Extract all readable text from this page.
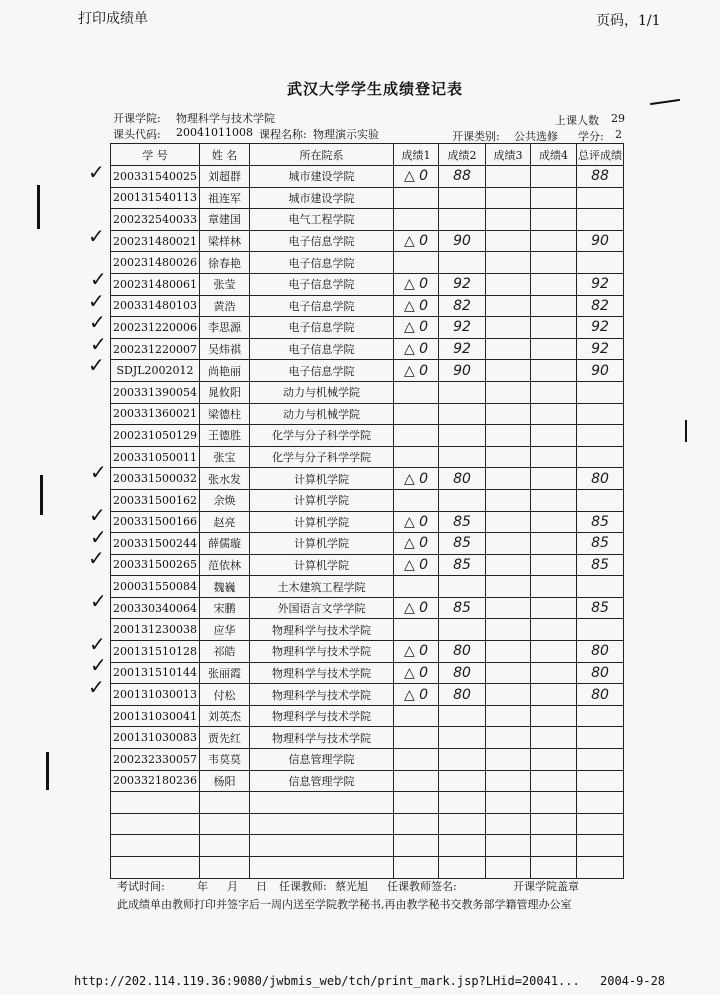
打印成绩单	页码，1/1
武汉大学学生成绩登记表
开课学院: 物理科学与技术学院	上课人数 29
课头代码: 20041011008 课程名称: 物理演示实验	开课类别: 公共选修 学分: 2
学 号	姓 名	所在院系	成绩1	成绩2	成绩3	成绩4	总评成绩
200331540025	刘超群	城市建设学院	△ 0	88			88
200131540113	祖连军	城市建设学院					
200232540033	章建国	电气工程学院					
200231480021	梁样林	电子信息学院	△ 0	90			90
200231480026	徐春艳	电子信息学院					
200231480061	张莹	电子信息学院	△ 0	92			92
200331480103	黄浩	电子信息学院	△ 0	82			82
200231220006	李思源	电子信息学院	△ 0	92			92
200231220007	吴炜祺	电子信息学院	△ 0	92			92
SDJL2002012	尚艳丽	电子信息学院	△ 0	90			90
200331390054	晁攸阳	动力与机械学院					
200331360021	梁德柱	动力与机械学院					
200231050129	王德胜	化学与分子科学学院					
200331050011	张宝	化学与分子科学学院					
200331500032	张水发	计算机学院	△ 0	80			80
200331500162	余焕	计算机学院					
200331500166	赵亮	计算机学院	△ 0	85			85
200331500244	薛儒璇	计算机学院	△ 0	85			85
200331500265	范依林	计算机学院	△ 0	85			85
200031550084	魏巍	土木建筑工程学院					
200330340064	宋鹏	外国语言文学学院	△ 0	85			85
200131230038	应华	物理科学与技术学院					
200131510128	祁皓	物理科学与技术学院	△ 0	80			80
200131510144	张丽霞	物理科学与技术学院	△ 0	80			80
200131030013	付松	物理科学与技术学院	△ 0	80			80
200131030041	刘英杰	物理科学与技术学院					
200131030083	贾先红	物理科学与技术学院					
200232330057	韦莫莫	信息管理学院					
200332180236	杨阳	信息管理学院					

✓
✓
✓
✓
✓
✓
✓
✓
✓
✓
✓
✓
✓
✓
✓
考试时间:	年 月 日 任课教师: 蔡光旭 任课教师签名:	开课学院盖章
此成绩单由教师打印并签字后一周内送至学院教学秘书,再由教学秘书交教务部学籍管理办公室
http://202.114.119.36:9080/jwbmis_web/tch/print_mark.jsp?LHid=20041... 2004-9-28
